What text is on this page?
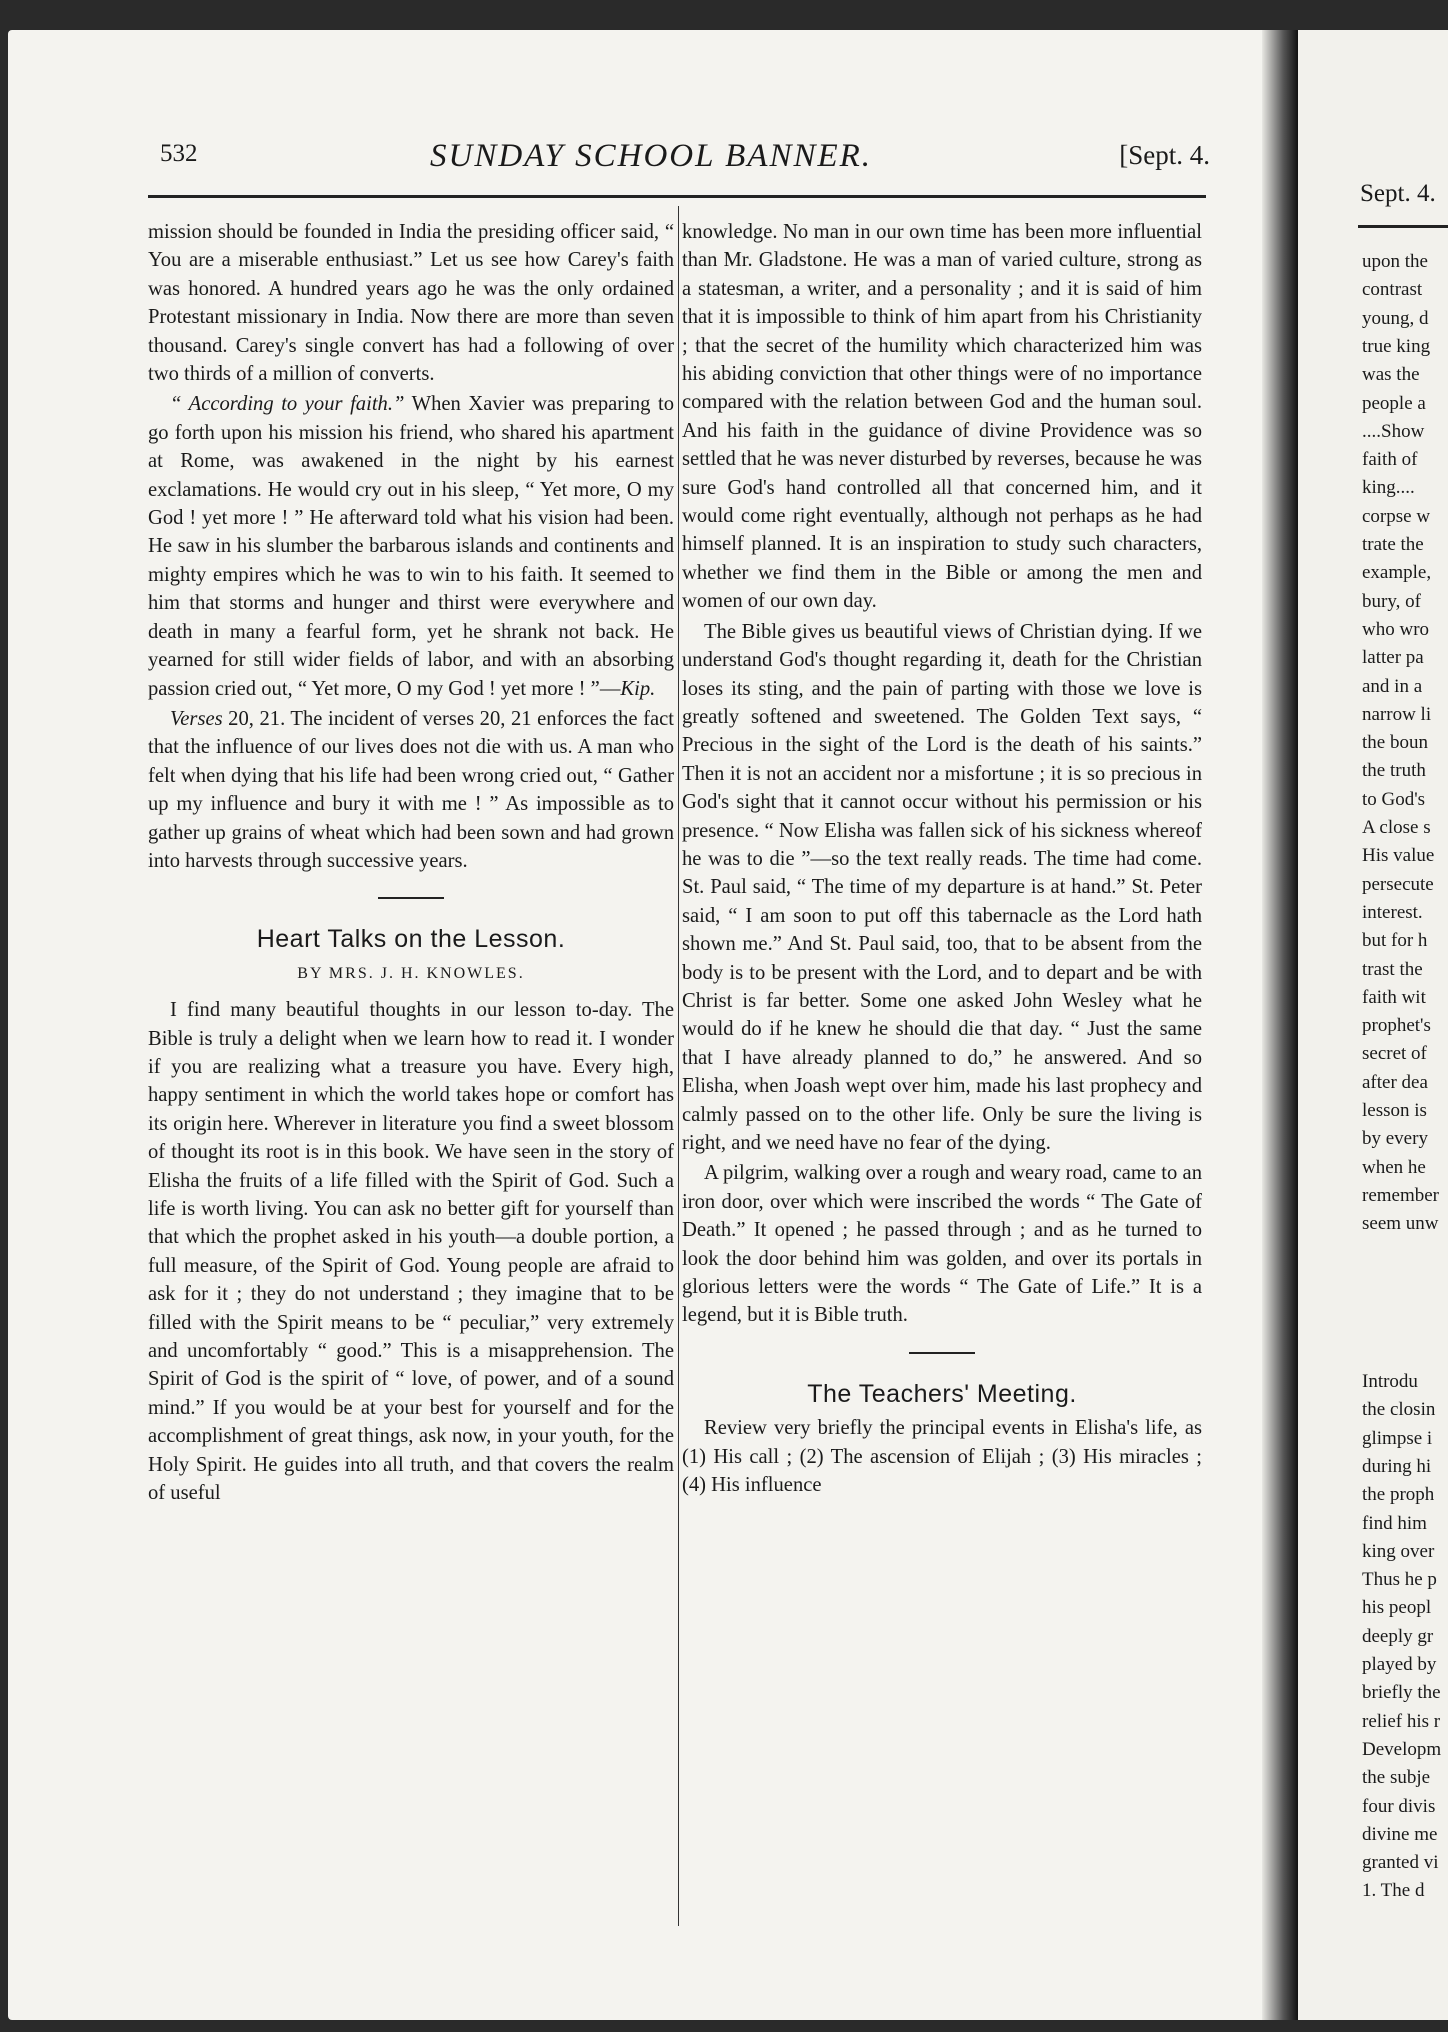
532	SUNDAY SCHOOL BANNER.	[Sept. 4.

mission should be founded in India the presiding officer said, “ You are a miserable enthusiast.” Let us see how Carey's faith was honored. A hundred years ago he was the only ordained Protestant missionary in India. Now there are more than seven thousand. Carey's single convert has had a following of over two thirds of a million of converts.

“ According to your faith.” When Xavier was preparing to go forth upon his mission his friend, who shared his apartment at Rome, was awakened in the night by his earnest exclamations. He would cry out in his sleep, “ Yet more, O my God ! yet more ! ” He afterward told what his vision had been. He saw in his slumber the barbarous islands and continents and mighty empires which he was to win to his faith. It seemed to him that storms and hunger and thirst were everywhere and death in many a fearful form, yet he shrank not back. He yearned for still wider fields of labor, and with an absorbing passion cried out, “ Yet more, O my God ! yet more ! ”—Kip.

Verses 20, 21. The incident of verses 20, 21 enforces the fact that the influence of our lives does not die with us. A man who felt when dying that his life had been wrong cried out, “ Gather up my influence and bury it with me ! ” As impossible as to gather up grains of wheat which had been sown and had grown into harvests through successive years.

Heart Talks on the Lesson.
BY MRS. J. H. KNOWLES.

I find many beautiful thoughts in our lesson to-day. The Bible is truly a delight when we learn how to read it. I wonder if you are realizing what a treasure you have. Every high, happy sentiment in which the world takes hope or comfort has its origin here. Wherever in literature you find a sweet blossom of thought its root is in this book. We have seen in the story of Elisha the fruits of a life filled with the Spirit of God. Such a life is worth living. You can ask no better gift for yourself than that which the prophet asked in his youth—a double portion, a full measure, of the Spirit of God. Young people are afraid to ask for it ; they do not understand ; they imagine that to be filled with the Spirit means to be “ peculiar,” very extremely and uncomfortably “ good.” This is a misapprehension. The Spirit of God is the spirit of “ love, of power, and of a sound mind.” If you would be at your best for yourself and for the accomplishment of great things, ask now, in your youth, for the Holy Spirit. He guides into all truth, and that covers the realm of useful

knowledge. No man in our own time has been more influential than Mr. Gladstone. He was a man of varied culture, strong as a statesman, a writer, and a personality ; and it is said of him that it is impossible to think of him apart from his Christianity ; that the secret of the humility which characterized him was his abiding conviction that other things were of no importance compared with the relation between God and the human soul. And his faith in the guidance of divine Providence was so settled that he was never disturbed by reverses, because he was sure God's hand controlled all that concerned him, and it would come right eventually, although not perhaps as he had himself planned. It is an inspiration to study such characters, whether we find them in the Bible or among the men and women of our own day.

The Bible gives us beautiful views of Christian dying. If we understand God's thought regarding it, death for the Christian loses its sting, and the pain of parting with those we love is greatly softened and sweetened. The Golden Text says, “ Precious in the sight of the Lord is the death of his saints.” Then it is not an accident nor a misfortune ; it is so precious in God's sight that it cannot occur without his permission or his presence. “ Now Elisha was fallen sick of his sickness whereof he was to die ”—so the text really reads. The time had come. St. Paul said, “ The time of my departure is at hand.” St. Peter said, “ I am soon to put off this tabernacle as the Lord hath shown me.” And St. Paul said, too, that to be absent from the body is to be present with the Lord, and to depart and be with Christ is far better. Some one asked John Wesley what he would do if he knew he should die that day. “ Just the same that I have already planned to do,” he answered. And so Elisha, when Joash wept over him, made his last prophecy and calmly passed on to the other life. Only be sure the living is right, and we need have no fear of the dying.

A pilgrim, walking over a rough and weary road, came to an iron door, over which were inscribed the words “ The Gate of Death.” It opened ; he passed through ; and as he turned to look the door behind him was golden, and over its portals in glorious letters were the words “ The Gate of Life.” It is a legend, but it is Bible truth.

The Teachers' Meeting.

Review very briefly the principal events in Elisha's life, as (1) His call ; (2) The ascension of Elijah ; (3) His miracles ; (4) His influence

Sept. 4.
upon the
contrast
young, d
true king
was the
people a
....Show
faith of
king....
corpse w
trate the
example,
bury, of
who wro
latter pa
and in a
narrow li
the boun
the truth
to God's
A close s
His value
persecute
interest.
but for h
trast the
faith wit
prophet's
secret of
after dea
lesson is
by every
when he
remember
seem unw
Introdu
the closin
glimpse i
during hi
the proph
find him
king over
Thus he p
his peopl
deeply gr
played by
briefly the
relief his r
Developm
the subje
four divis
divine me
granted vi
1. The d
